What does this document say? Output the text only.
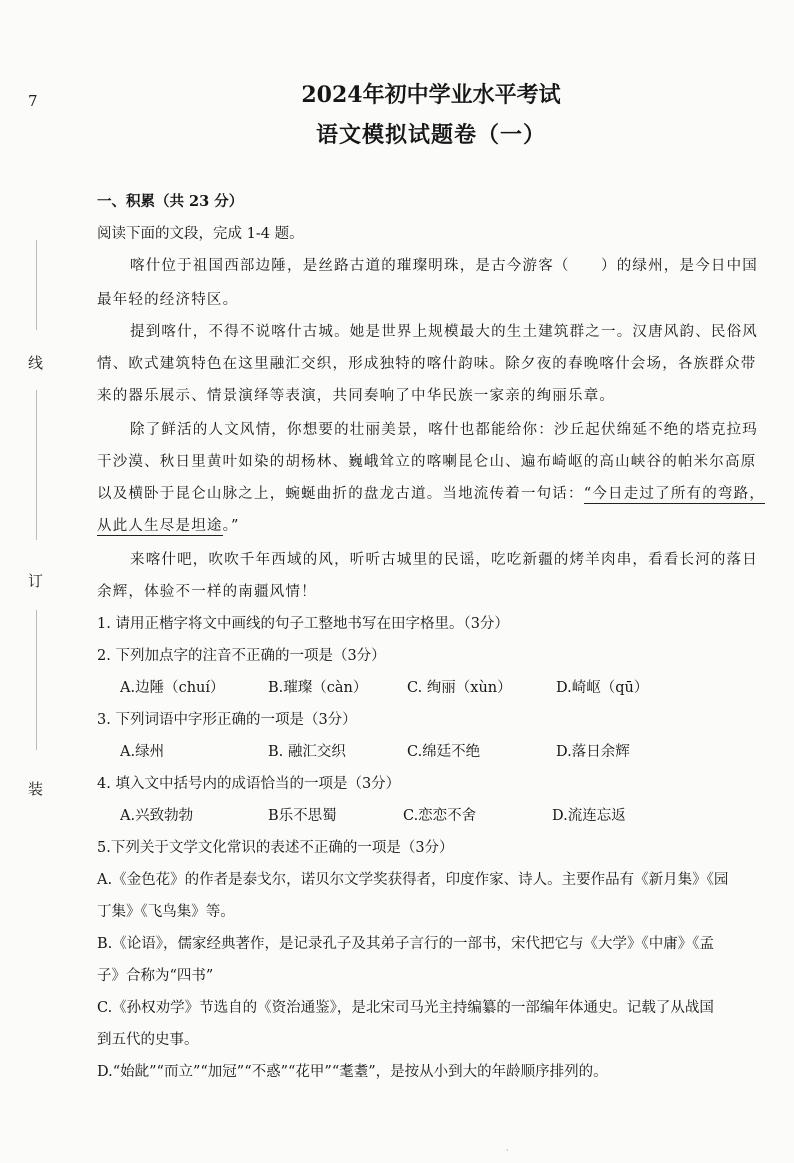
7
线
订
装
2024年初中学业水平考试
语文模拟试题卷（一）
一、积累（共 23 分）
阅读下面的文段，完成 1-4 题。
喀什位于祖国西部边陲，是丝路古道的璀璨明珠，是古今游客（　　）的绿州，是今日中国
最年轻的经济特区。
提到喀什，不得不说喀什古城。她是世界上规模最大的生土建筑群之一。汉唐风韵、民俗风
情、欧式建筑特色在这里融汇交织，形成独特的喀什韵味。除夕夜的春晚喀什会场，各族群众带
来的器乐展示、情景演绎等表演，共同奏响了中华民族一家亲的绚丽乐章。
除了鲜活的人文风情，你想要的壮丽美景，喀什也都能给你：沙丘起伏绵延不绝的塔克拉玛
干沙漠、秋日里黄叶如染的胡杨林、巍峨耸立的喀喇昆仑山、遍布崎岖的高山峡谷的帕米尔高原
以及横卧于昆仑山脉之上，蜿蜒曲折的盘龙古道。当地流传着一句话：“今日走过了所有的弯路，
从此人生尽是坦途。”
来喀什吧，吹吹千年西域的风，听听古城里的民谣，吃吃新疆的烤羊肉串，看看长河的落日
余辉，体验不一样的南疆风情！
1. 请用正楷字将文中画线的句子工整地书写在田字格里。（3分）
2. 下列加点字的注音不正确的一项是（3分）
A.边陲（chuí）	B.璀璨（càn）	C. 绚丽（xùn）	D.崎岖（qū）
3. 下列词语中字形正确的一项是（3分）
A.绿州	B. 融汇交织	C.绵廷不绝	D.落日余辉
4. 填入文中括号内的成语恰当的一项是（3分）
A.兴致勃勃	B乐不思蜀	C.恋恋不舍	D.流连忘返
5.下列关于文学文化常识的表述不正确的一项是（3分）
A.《金色花》的作者是泰戈尔，诺贝尔文学奖获得者，印度作家、诗人。主要作品有《新月集》《园
丁集》《飞鸟集》等。
B.《论语》，儒家经典著作，是记录孔子及其弟子言行的一部书，宋代把它与《大学》《中庸》《孟
子》合称为“四书”
C.《孙权劝学》节选自的《资治通鉴》，是北宋司马光主持编纂的一部编年体通史。记载了从战国
到五代的史事。
D.“始龀”“而立”“加冠”“不惑”“花甲”“耄耋”，是按从小到大的年龄顺序排列的。
·
